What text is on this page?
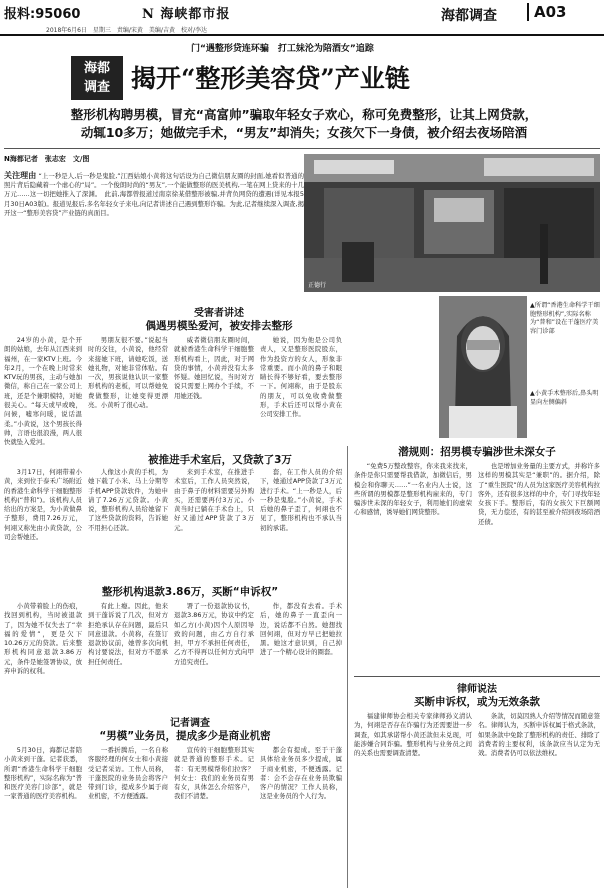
报料:95060	N 海峡都市报
2018年6月6日　星期三　责编/宋黄　美编/吉黄　校对/李达
海都调查	A03
门“遇整形贷连环骗　打工妹沦为陪酒女”追踪
海都
调查 揭开“整形美容贷”产业链
整形机构聘男模，冒充“高富帅”骗取年轻女子欢心，称可免费整形，让其上网贷款，
动辄10多万；她做完手术，“男友”却消失；女孩欠下一身债，被介绍去夜场陪酒
N海都记者　张志宏　文/图
关注理由 “上一秒是人,后一秒是鬼脸,”江西姑娘小黄将这句话设为自己微信朋友圈的封面,她看似普通的照片背后隐藏着一个虐心的“局”。一个俊朗时尚的“男友”,一个能做整形的医美机构,一笔在网上贷来的十几万元……这一切把她推入了深渊。　此前,海都曾报道过南京徐某借整形被骗,并背负网贷的遭遇(详见本报5月30日A03版)。报道见报后,多名年轻女子来电,向记者讲述自己遇到整形诈骗。为此,记者继续深入调查,揭开这一“整形美容贷”产业链的真面目。
正德行
▲所谓“香港生命科学干细胞整形机构”,实际名称为“普和”设在干蓬医疗美容门诊部
▲小黄手术整形后,鼻头明显向左侧偏斜
受害者讲述
偶遇男模坠爱河，被安排去整形

24岁的小黄，是个开朗的姑娘，去年从江西来到福州，在一家KTV上班。今年2月，一个在晚上时常来KTV玩的男孩，主动与她加微信，称自己在一家公司上班，还是个兼职模特，对她很关心。“每天或早或晚，问候，嘘寒问暖，说话温柔。”小黄说，这个男孩长得帅，言语也很浪漫，两人很快就坠入爱河。

男朋友很不要。”说起当时的交往，小黄说，他经常来接她下班，请她吃饭，送她礼物，对她非常体贴。有一次，男孩说他认识一家整形机构的老板，可以帮她免费做整形，让她变得更漂亮。小黄听了很心动。

威者微信朋友圈时间，就被香港生命科学干细胞整形机构看上，因此，对于网贷的事情，小黄并没有太多怀疑。她回忆说，当时对方说只需要上网办个手续，不用她还钱。

她说，因为他是公司负责人，又是整形医院股东，作为投资方的女人，形象非常重要。而小黄的鼻子和眼睛长得不够好看，要去整形一下。何翊称，由于是股东的朋友，可以免收费做整形，手术后还可以帮小黄在公司安排工作。

被推进手术室后，又贷款了3万

3月17日，何翊带着小黄，来到位于泰禾广场附近的香港生命科学干细胞整形机构(“普和”)。该机构人员给出的方案是，为小黄做鼻子整形，费用7.26万元，何翊又称先由小黄贷款，公司会帮她还。

人像这小黄的手机，为她下载了小米、马上分期等手机APP贷款软件，为她申请了7.26万元贷款。小黄说，整形机构人员给她留下了这些贷款的资料，告诉她不用担心还款。

来到手术室，在推进手术室后，工作人员突然说，由于鼻子的材料需要另外购买，还需要再付3万元。小黄当时已躺在手术台上，只好又通过APP贷款了3万元。

套，在工作人员的介绍下，她通过APP贷款了3万元进行手术。“上一秒是人，后一秒是鬼脸。”小黄说，手术后她的鼻子歪了，何翊也不见了，整形机构也不承认当初的承诺。

整形机构退款3.86万，买断“申诉权”

小黄带着脸上的伤痕，找回到机构，当时被退款了，因为她不仅失去了“幸福的爱情”，更是欠下10.26万元的贷款。后来整形机构同意退款3.86万元，条件是她签署协议，放弃申诉的权利。

有此上瘾。因此，他来到干蓬诉说了几次，但对方拒绝承认存在问题，最后只同意退款。小黄称，在签订退款协议前，她曾多次向机构讨要说法，但对方不愿承担任何责任。

署了一份退款协议书，退款3.86万元，协议中约定如乙方(小黄)因个人原因导致的问题，由乙方自行承担，甲方不承担任何责任，乙方不得再以任何方式向甲方追究责任。

作，都没有去看。手术后，她的鼻子一直歪向一边，说话都不自然。她想找回何翊，但对方早已把她拉黑。她这才意识到，自己掉进了一个精心设计的圈套。

记者调查
“男模”业务员，提成多少是商业机密

5月30日，海都记者陪小黄来到干蓬。记者获悉，所谓“香港生命科学干细胞整形机构”，实际名称为“普和医疗美容门诊部”，就是一家普通的医疗美容机构。

一番折腾后，一名自称客服经理的何女士和小黄接受记者采访。工作人员称，干蓬医院的业务员会将客户带到门诊，提成多少属于商业机密，不方便透露。

宣传的干细胞整形其实就是普通的整形手术。记者：有无男模帮你们拉客？何女士：我们的业务员有男有女，具体怎么介绍客户，我们不清楚。

都会有提成。至于干蓬具体给业务员多少提成，属于商业机密，不便透露。记者：会不会存在业务员欺骗客户的情况？工作人员称，这是业务员的个人行为。

潜规则：招男模专骗涉世未深女子

“免费5万整改整容，你来我来找来，条件是你只需要帮我借款，加微信后，男模会和你聊天……”一名业内人士说，这些所谓的男模都是整形机构雇来的，专门骗涉世未深的年轻女子，利用她们的虚荣心和感情，诱导她们网贷整形。

也是增加业务量的主要方式，并称许多这样的男模其实是“兼职”的。据介绍，除了“重生医院”的人员为这家医疗美容机构拉客外，还有很多这样的中介，专门寻找年轻女孩下手。整形后，有的女孩欠下巨额网贷，无力偿还，有的甚至被介绍到夜场陪酒还债。

律师说法
买断申诉权，或为无效条款

福建律师协会相关专家律师孙义清认为，何翊是否存在诈骗行为还需要进一步调查，如其承诺帮小黄还款但未兑现，可能涉嫌合同诈骗。整形机构与业务员之间的关系也需要调查清楚。

条款，切莫因熟人介绍等情况而随意签名。律师认为，买断申诉权属于格式条款，如果条款中免除了整形机构的责任、排除了消费者的主要权利，该条款应当认定为无效。消费者仍可以依法维权。
